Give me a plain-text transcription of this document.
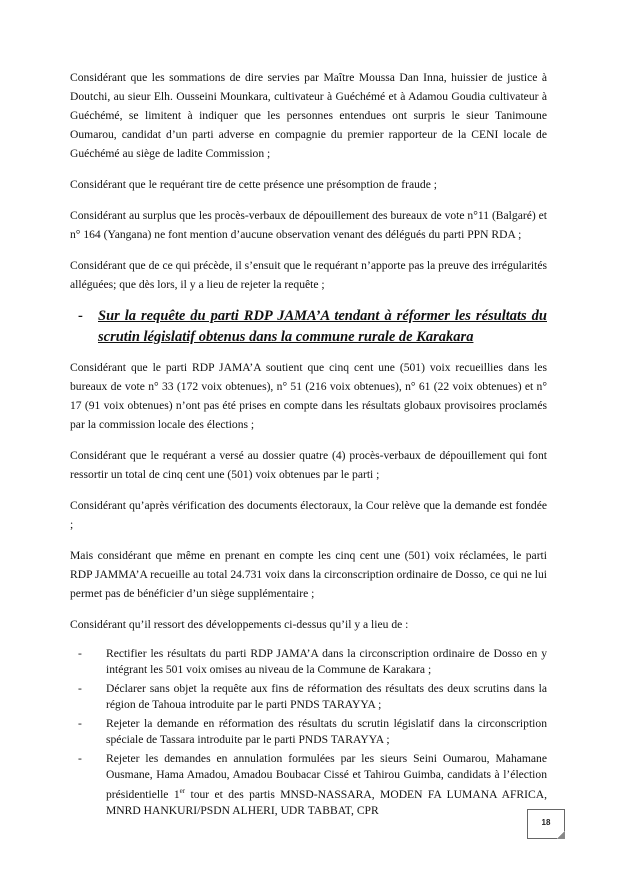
Considérant que les sommations de dire servies par Maître Moussa Dan Inna, huissier de justice à Doutchi, au sieur Elh. Ousseini Mounkara, cultivateur à Guéchémé et à Adamou Goudia cultivateur à Guéchémé, se limitent à indiquer que les personnes entendues ont surpris le sieur Tanimoune Oumarou, candidat d’un parti adverse en compagnie du premier rapporteur de la CENI locale de Guéchémé au siège de ladite Commission ;

Considérant que le requérant tire de cette présence une présomption de fraude ;

Considérant au surplus que les procès-verbaux de dépouillement des bureaux de vote n°11 (Balgaré) et n° 164 (Yangana) ne font mention d’aucune observation venant des délégués du parti PPN RDA ;

Considérant que de ce qui précède, il s’ensuit que le requérant n’apporte pas la preuve des irrégularités alléguées; que dès lors, il y a lieu de rejeter la requête ;

-	Sur la requête du parti RDP JAMA’A tendant à réformer les résultats du scrutin législatif obtenus dans la commune rurale de Karakara

Considérant que le parti RDP JAMA’A soutient que cinq cent une (501) voix recueillies dans les bureaux de vote n° 33 (172 voix obtenues), n° 51 (216 voix obtenues), n° 61 (22 voix obtenues) et n° 17 (91 voix obtenues) n’ont pas été prises en compte dans les résultats globaux provisoires proclamés par la commission locale des élections ;

Considérant que le requérant a versé au dossier quatre (4) procès-verbaux de dépouillement qui font ressortir un total de cinq cent une (501) voix obtenues par le parti ;

Considérant qu’après vérification des documents électoraux, la Cour relève que la demande est fondée ;

Mais considérant que même en prenant en compte les cinq cent une (501) voix réclamées, le parti RDP JAMMA’A recueille au total 24.731 voix dans la circonscription ordinaire de Dosso, ce qui ne lui permet pas de bénéficier d’un siège supplémentaire ;

Considérant qu’il ressort des développements ci-dessus qu’il y a lieu de :

-	Rectifier les résultats du parti RDP JAMA’A dans la circonscription ordinaire de Dosso en y intégrant les 501 voix omises au niveau de la Commune de Karakara ;
-	Déclarer sans objet la requête aux fins de réformation des résultats des deux scrutins dans la région de Tahoua introduite par le parti PNDS TARAYYA ;
-	Rejeter la demande en réformation des résultats du scrutin législatif dans la circonscription spéciale de Tassara introduite par le parti PNDS TARAYYA ;
-	Rejeter les demandes en annulation formulées par les sieurs Seini Oumarou, Mahamane Ousmane, Hama Amadou, Amadou Boubacar Cissé et Tahirou Guimba, candidats à l’élection présidentielle 1er tour et des partis MNSD-NASSARA, MODEN FA LUMANA AFRICA, MNRD HANKURI/PSDN ALHERI, UDR TABBAT, CPR
18
